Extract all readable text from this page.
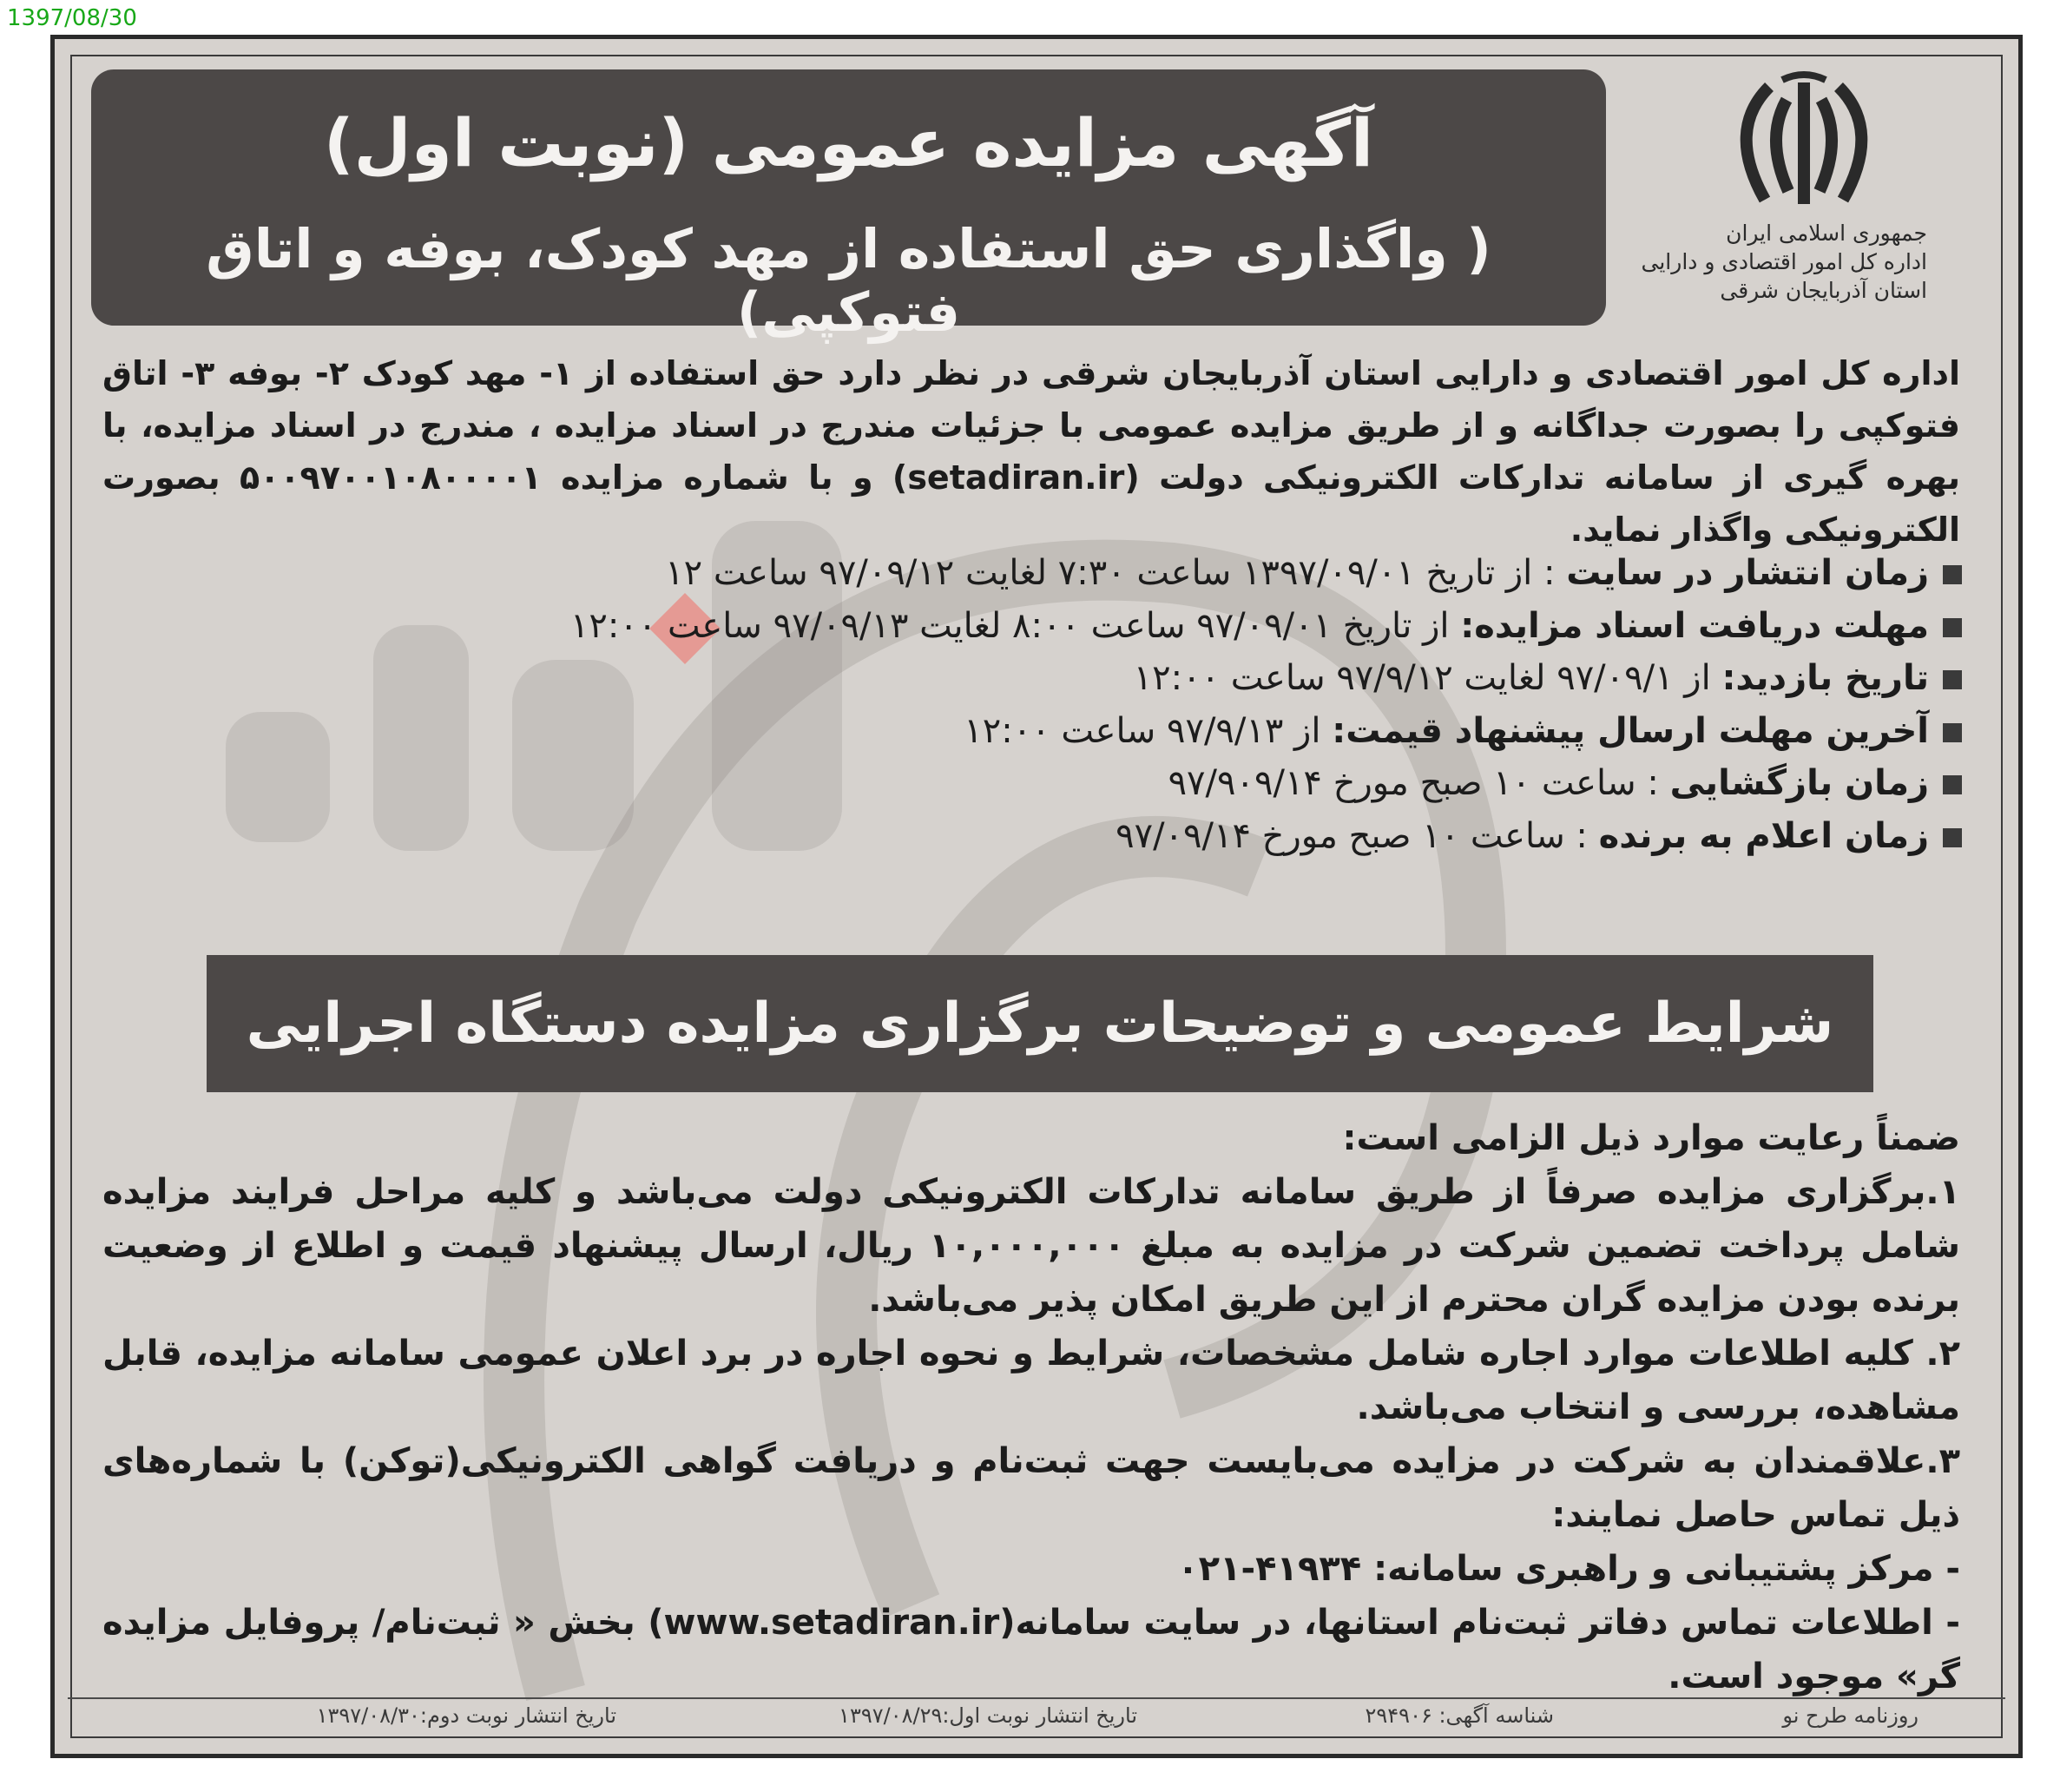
1397/08/30
جمهوری اسلامی ایران
اداره کل امور اقتصادی و دارایی
استان آذربایجان شرقی
آگهی مزایده عمومی (نوبت اول)
( واگذاری حق استفاده از مهد کودک، بوفه و اتاق فتوکپی)
اداره کل امور اقتصادی و دارایی استان آذربایجان شرقی در نظر دارد حق استفاده از ۱- مهد کودک ۲- بوفه ۳- اتاق فتوکپی را بصورت جداگانه و از طریق مزایده عمومی با جزئیات مندرج در اسناد مزایده ، مندرج در اسناد مزایده، با بهره گیری از سامانه تدارکات الکترونیکی دولت (setadiran.ir) و با شماره مزایده ۵۰۰۹۷۰۰۱۰۸۰۰۰۰۱ بصورت الکترونیکی واگذار نماید.
زمان انتشار در سایت : از تاریخ ۱۳۹۷/۰۹/۰۱ ساعت ۷:۳۰ لغایت ۹۷/۰۹/۱۲ ساعت ۱۲
مهلت دریافت اسناد مزایده: از تاریخ ۹۷/۰۹/۰۱ ساعت ۸:۰۰ لغایت ۹۷/۰۹/۱۳ ساعت ۱۲:۰۰
تاریخ بازدید: از ۹۷/۰۹/۱ لغایت ۹۷/۹/۱۲ ساعت ۱۲:۰۰
آخرین مهلت ارسال پیشنهاد قیمت: از ۹۷/۹/۱۳ ساعت ۱۲:۰۰
زمان بازگشایی : ساعت ۱۰ صبح مورخ ۹۷/۹۰۹/۱۴
زمان اعلام به برنده : ساعت ۱۰ صبح مورخ ۹۷/۰۹/۱۴
شرایط عمومی و توضیحات برگزاری مزایده دستگاه اجرایی
ضمناً رعایت موارد ذیل الزامی است:
۱.برگزاری مزایده صرفاً از طریق سامانه تدارکات الکترونیکی دولت می‌باشد و کلیه مراحل فرایند مزایده شامل پرداخت تضمین شرکت در مزایده به مبلغ ۱۰,۰۰۰,۰۰۰ ریال، ارسال پیشنهاد قیمت و اطلاع از وضعیت برنده بودن مزایده گران محترم از این طریق امکان پذیر می‌باشد.
۲. کلیه اطلاعات موارد اجاره شامل مشخصات، شرایط و نحوه اجاره در برد اعلان عمومی سامانه مزایده، قابل مشاهده، بررسی و انتخاب می‌باشد.
۳.علاقمندان به شرکت در مزایده می‌بایست جهت ثبت‌نام و دریافت گواهی الکترونیکی(توکن) با شماره‌های ذیل تماس حاصل نمایند:
- مرکز پشتیبانی و راهبری سامانه: ۴۱۹۳۴-۰۲۱
- اطلاعات تماس دفاتر ثبت‌نام استانها، در سایت سامانه(www.setadiran.ir) بخش « ثبت‌نام/ پروفایل مزایده گر» موجود است.
روزنامه طرح نو
شناسه آگهی: ۲۹۴۹۰۶
تاریخ انتشار نوبت اول:۱۳۹۷/۰۸/۲۹
تاریخ انتشار نوبت دوم:۱۳۹۷/۰۸/۳۰
